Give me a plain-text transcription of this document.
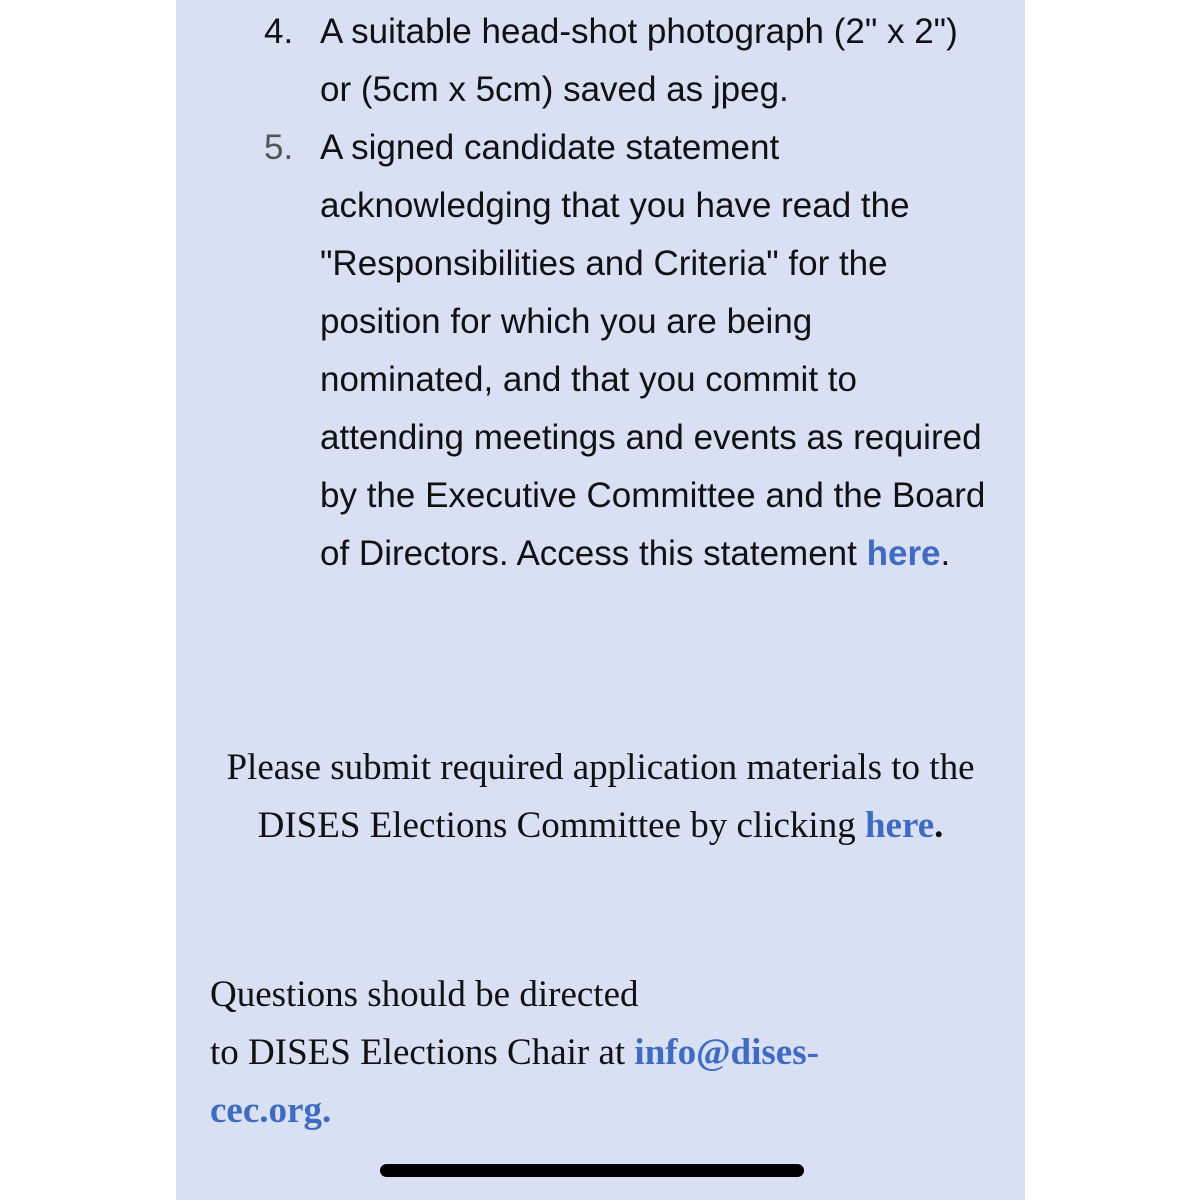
4. A suitable head-shot photograph (2" x 2") or (5cm x 5cm) saved as jpeg.
5. A signed candidate statement acknowledging that you have read the "Responsibilities and Criteria" for the position for which you are being nominated, and that you commit to attending meetings and events as required by the Executive Committee and the Board of Directors. Access this statement here.
Please submit required application materials to the DISES Elections Committee by clicking here.
Questions should be directed
to DISES Elections Chair at info@dises-
cec.org.
